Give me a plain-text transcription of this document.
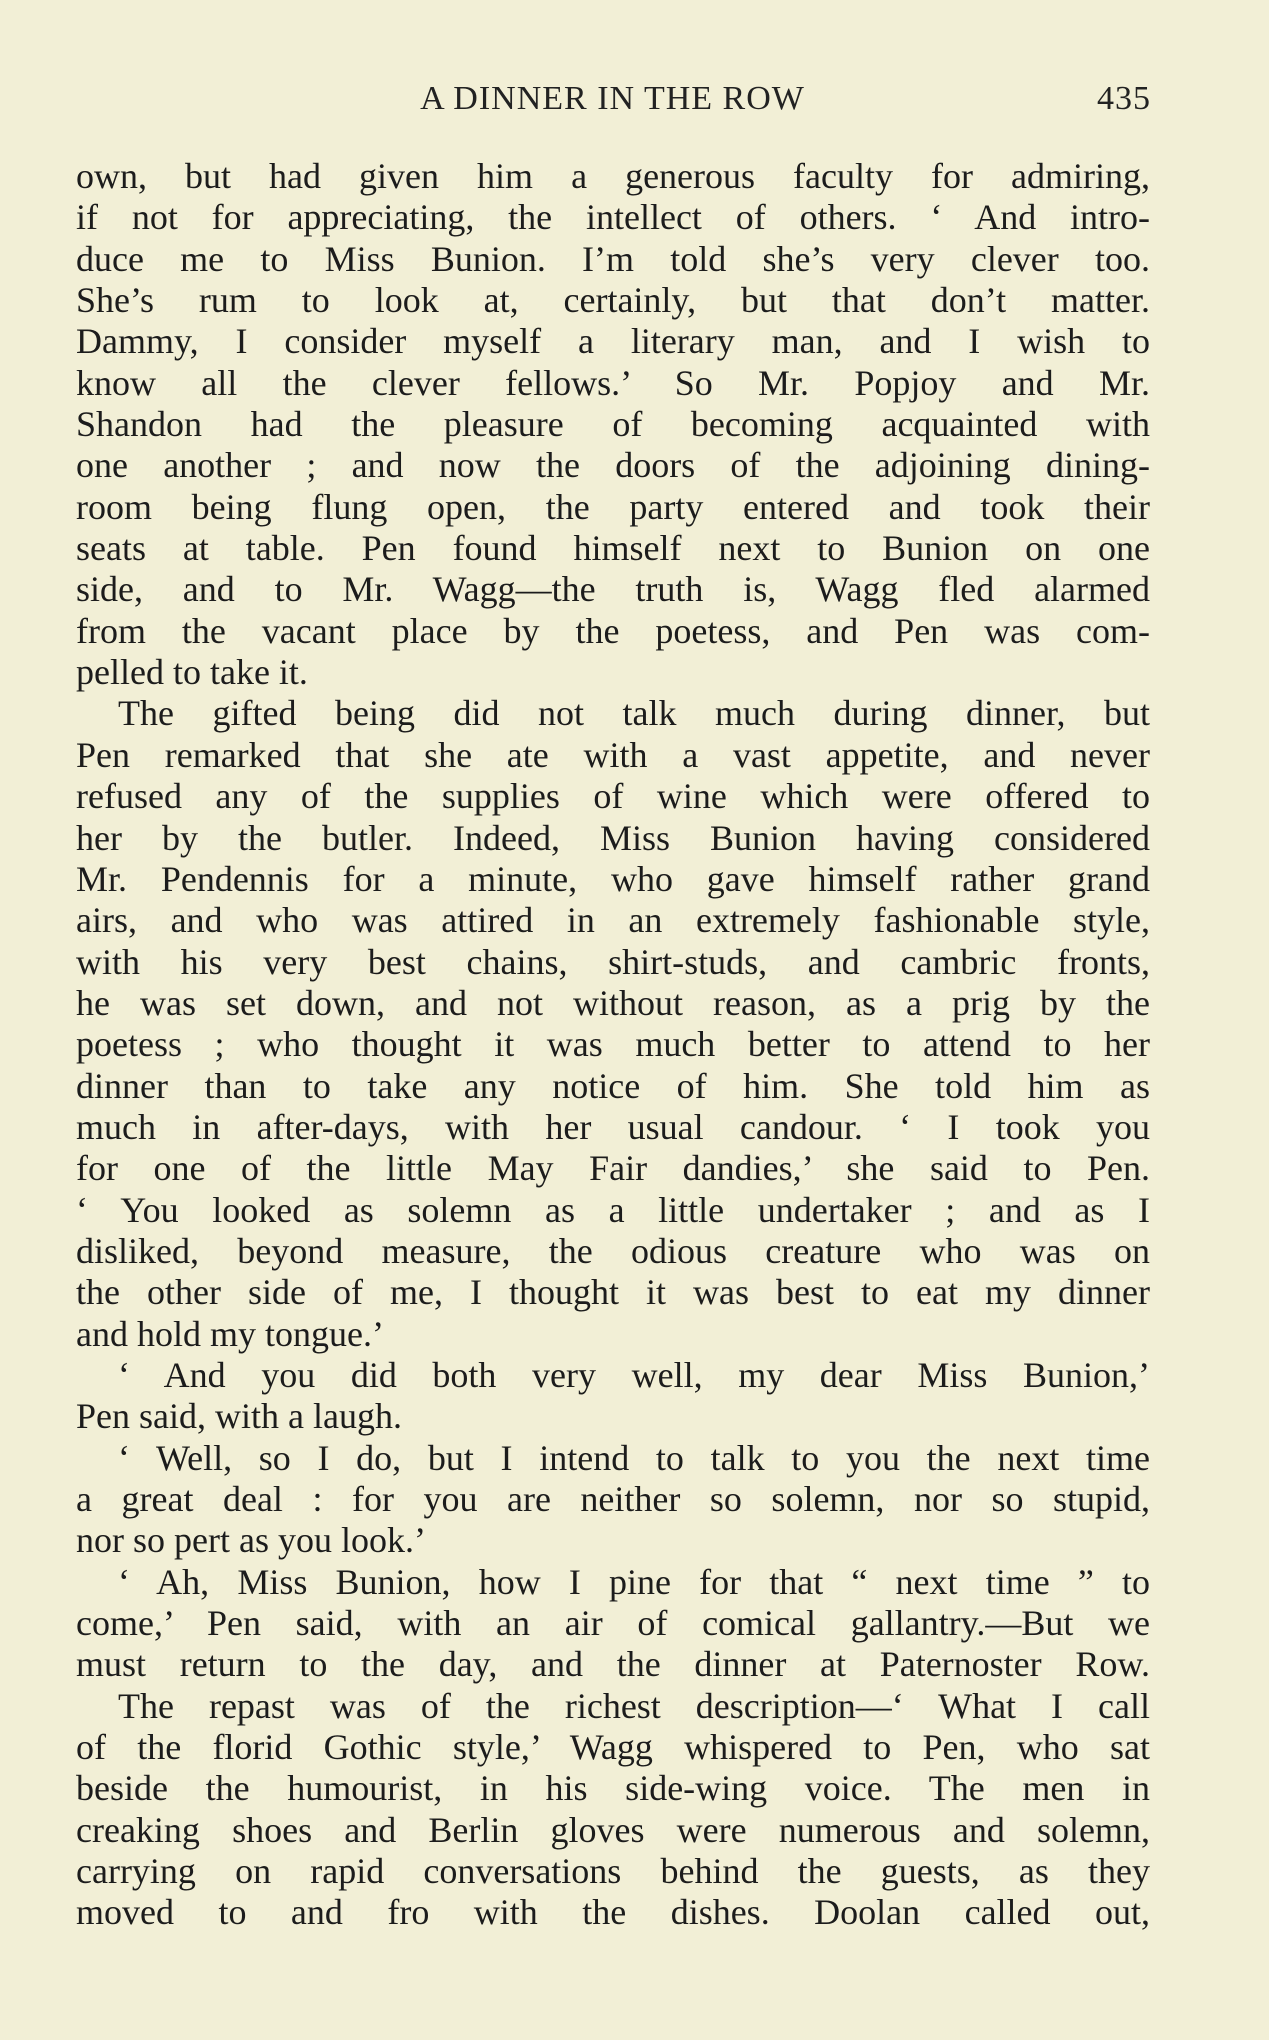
A DINNER IN THE ROW	435
own, but had given him a generous faculty for admiring,
if not for appreciating, the intellect of others. ‘ And intro-
duce me to Miss Bunion. I’m told she’s very clever too.
She’s rum to look at, certainly, but that don’t matter.
Dammy, I consider myself a literary man, and I wish to
know all the clever fellows.’ So Mr. Popjoy and Mr.
Shandon had the pleasure of becoming acquainted with
one another ; and now the doors of the adjoining dining-
room being flung open, the party entered and took their
seats at table. Pen found himself next to Bunion on one
side, and to Mr. Wagg—the truth is, Wagg fled alarmed
from the vacant place by the poetess, and Pen was com-
pelled to take it.
The gifted being did not talk much during dinner, but
Pen remarked that she ate with a vast appetite, and never
refused any of the supplies of wine which were offered to
her by the butler. Indeed, Miss Bunion having considered
Mr. Pendennis for a minute, who gave himself rather grand
airs, and who was attired in an extremely fashionable style,
with his very best chains, shirt-studs, and cambric fronts,
he was set down, and not without reason, as a prig by the
poetess ; who thought it was much better to attend to her
dinner than to take any notice of him. She told him as
much in after-days, with her usual candour. ‘ I took you
for one of the little May Fair dandies,’ she said to Pen.
‘ You looked as solemn as a little undertaker ; and as I
disliked, beyond measure, the odious creature who was on
the other side of me, I thought it was best to eat my dinner
and hold my tongue.’
‘ And you did both very well, my dear Miss Bunion,’
Pen said, with a laugh.
‘ Well, so I do, but I intend to talk to you the next time
a great deal : for you are neither so solemn, nor so stupid,
nor so pert as you look.’
‘ Ah, Miss Bunion, how I pine for that “ next time ” to
come,’ Pen said, with an air of comical gallantry.—But we
must return to the day, and the dinner at Paternoster Row.
The repast was of the richest description—‘ What I call
of the florid Gothic style,’ Wagg whispered to Pen, who sat
beside the humourist, in his side-wing voice. The men in
creaking shoes and Berlin gloves were numerous and solemn,
carrying on rapid conversations behind the guests, as they
moved to and fro with the dishes. Doolan called out,
